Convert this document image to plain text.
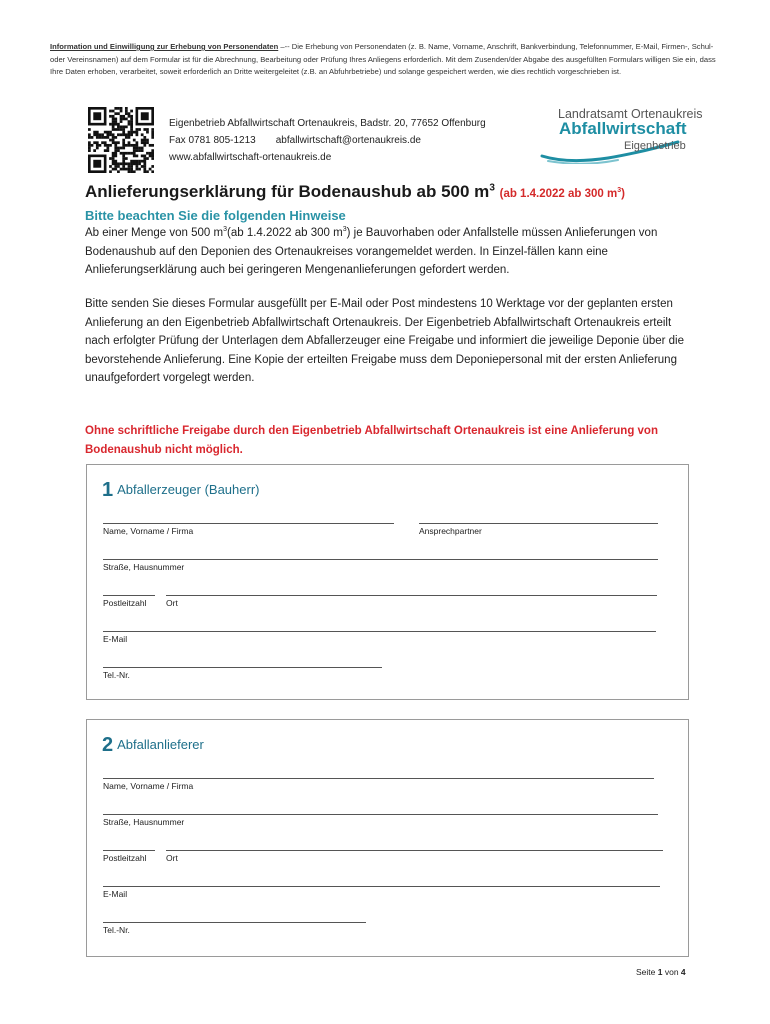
Information und Einwilligung zur Erhebung von Personendaten –-- Die Erhebung von Personendaten (z. B. Name, Vorname, Anschrift, Bankverbindung, Telefonnummer, E-Mail, Firmen-, Schul- oder Vereinsnamen) auf dem Formular ist für die Abrechnung, Bearbeitung oder Prüfung Ihres Anliegens erforderlich. Mit dem Zusenden/der Abgabe des ausgefüllten Formulars willigen Sie ein, dass Ihre Daten erhoben, verarbeitet, soweit erforderlich an Dritte weitergeleitet (z.B. an Abfuhrbetriebe) und solange gespeichert werden, wie dies rechtlich vorgeschrieben ist.
Eigenbetrieb Abfallwirtschaft Ortenaukreis, Badstr. 20, 77652 Offenburg
Fax 0781 805-1213 abfallwirtschaft@ortenaukreis.de
www.abfallwirtschaft-ortenaukreis.de
Landratsamt Ortenaukreis
Abfallwirtschaft
Eigenbetrieb
Anlieferungserklärung für Bodenaushub ab 500 $m^3$ (ab 1.4.2022 ab 300 $m^3$)
Bitte beachten Sie die folgenden Hinweise
Ab einer Menge von 500 $m^3(ab$ 1.4.2022 ab 300 $m^3$) je Bauvorhaben oder Anfallstelle müssen Anlieferungen von Bodenaushub auf den Deponien des Ortenaukreises vorangemeldet werden. In Einzel-fällen kann eine Anlieferungserklärung auch bei geringeren Mengenanlieferungen gefordert werden.
Bitte senden Sie dieses Formular ausgefüllt per E-Mail oder Post mindestens 10 Werktage vor der geplanten ersten Anlieferung an den Eigenbetrieb Abfallwirtschaft Ortenaukreis. Der Eigenbetrieb Abfallwirtschaft Ortenaukreis erteilt nach erfolgter Prüfung der Unterlagen dem Abfallerzeuger eine Freigabe und informiert die jeweilige Deponie über die bevorstehende Anlieferung. Eine Kopie der erteilten Freigabe muss dem Deponiepersonal mit der ersten Anlieferung unaufgefordert vorgelegt werden.
Ohne schriftliche Freigabe durch den Eigenbetrieb Abfallwirtschaft Ortenaukreis ist eine Anlieferung von Bodenaushub nicht möglich.
1 Abfallerzeuger (Bauherr)
Name, Vorname / Firma	Ansprechpartner
Straße, Hausnummer
Postleitzahl	Ort
E-Mail
Tel.-Nr.
2 Abfallanlieferer
Name, Vorname / Firma
Straße, Hausnummer
Postleitzahl	Ort
E-Mail
Tel.-Nr.
Seite 1 von 4
